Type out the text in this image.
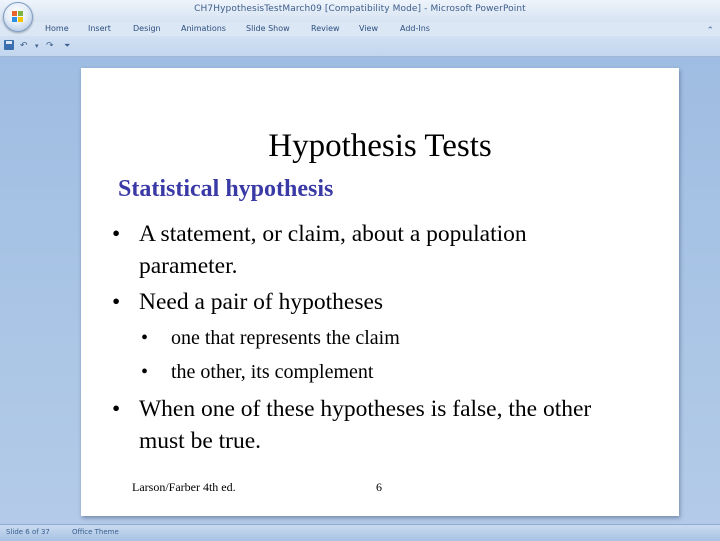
CH7HypothesisTestMarch09 [Compatibility Mode] - Microsoft PowerPoint
Home Insert	Design	Animations	Slide Show	Review View	Add-Ins	⌃
↶ ▾ ↷ ⏷
Hypothesis Tests
Statistical hypothesis
• A statement, or claim, about a population parameter.
• Need a pair of hypotheses
• one that represents the claim
• the other, its complement
• When one of these hypotheses is false, the other must be true.
Larson/Farber 4th ed.	6
Slide 6 of 37	Office Theme
